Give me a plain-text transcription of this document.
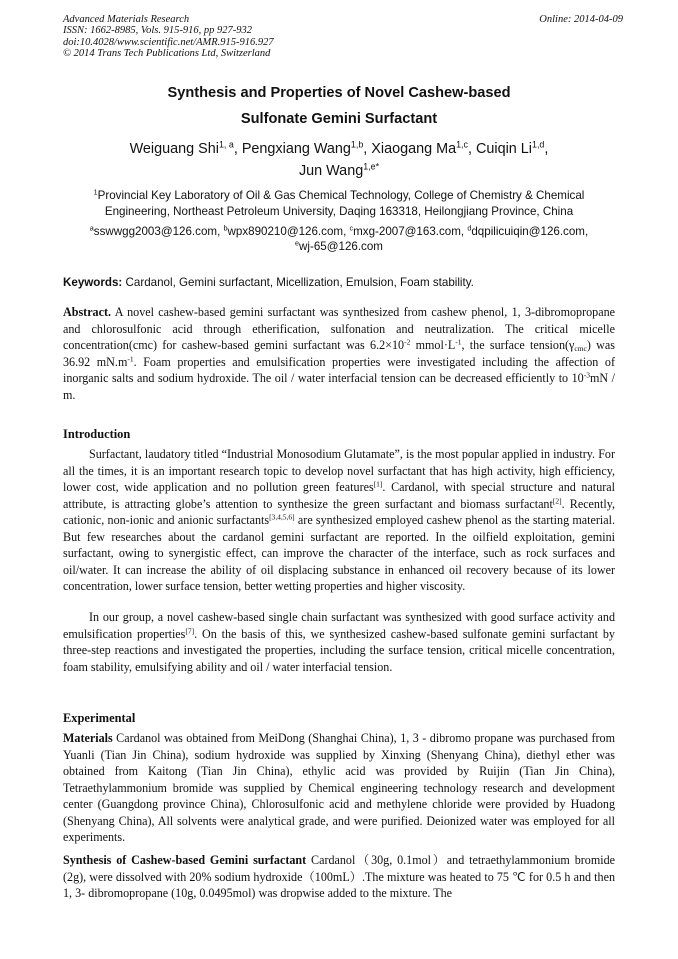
Advanced Materials Research
ISSN: 1662-8985, Vols. 915-916, pp 927-932
doi:10.4028/www.scientific.net/AMR.915-916.927
© 2014 Trans Tech Publications Ltd, Switzerland
Online: 2014-04-09
Synthesis and Properties of Novel Cashew-based
Sulfonate Gemini Surfactant
Weiguang Shi$^{1, a}$, Pengxiang Wang$^{1,b}$, Xiaogang Ma$^{1,c}$, Cuiqin Li$^{1,d}$,
Jun Wang$^{1,e*}$
$^1$Provincial Key Laboratory of Oil & Gas Chemical Technology, College of Chemistry & Chemical
Engineering, Northeast Petroleum University, Daqing 163318, Heilongjiang Province, China
$^a$sswwgg2003@126.com, $^b$wpx890210@126.com, $^c$mxg-2007@163.com, $^d$dqpilicuiqin@126.com,
$^e$wj-65@126.com
Keywords: Cardanol, Gemini surfactant, Micellization, Emulsion, Foam stability.
Abstract. A novel cashew-based gemini surfactant was synthesized from cashew phenol, 1, 3-dibromopropane and chlorosulfonic acid through etherification, sulfonation and neutralization. The critical micelle concentration(cmc) for cashew-based gemini surfactant was $6.2\times 10^{-2}$ $mmol\cdot L^{-1}$, the surface $tension(\gamma_{cmc})$ was 36.92 $mN.m^{-1}$. Foam properties and emulsification properties were investigated including the affection of inorganic salts and sodium hydroxide. The oil / water interfacial tension can be decreased efficiently to $10^{-3}mN$ / m.
Introduction
Surfactant, laudatory titled “Industrial Monosodium Glutamate”, is the most popular applied in industry. For all the times, it is an important research topic to develop novel surfactant that has high activity, high efficiency, lower cost, wide application and no pollution green features[1]. Cardanol, with special structure and natural attribute, is attracting globe’s attention to synthesize the green surfactant and biomass surfactant[2]. Recently, cationic, non-ionic and anionic surfactants[3,4,5,6] are synthesized employed cashew phenol as the starting material. But few researches about the cardanol gemini surfactant are reported. In the oilfield exploitation, gemini surfactant, owing to synergistic effect, can improve the character of the interface, such as rock surfaces and oil/water. It can increase the ability of oil displacing substance in enhanced oil recovery because of its lower concentration, lower surface tension, better wetting properties and higher viscosity.
In our group, a novel cashew-based single chain surfactant was synthesized with good surface activity and emulsification properties[7]. On the basis of this, we synthesized cashew-based sulfonate gemini surfactant by three-step reactions and investigated the properties, including the surface tension, critical micelle concentration, foam stability, emulsifying ability and oil / water interfacial tension.
Experimental
Materials Cardanol was obtained from MeiDong (Shanghai China), 1, 3 - dibromo propane was purchased from Yuanli (Tian Jin China), sodium hydroxide was supplied by Xinxing (Shenyang China), diethyl ether was obtained from Kaitong (Tian Jin China), ethylic acid was provided by Ruijin (Tian Jin China), Tetraethylammonium bromide was supplied by Chemical engineering technology research and development center (Guangdong province China), Chlorosulfonic acid and methylene chloride were provided by Huadong (Shenyang China), All solvents were analytical grade, and were purified. Deionized water was employed for all experiments.
Synthesis of Cashew-based Gemini surfactant Cardanol（30g, 0.1mol）and tetraethylammonium bromide (2g), were dissolved with 20% sodium hydroxide（100mL）.The mixture was heated to 75 ℃ for 0.5 h and then 1, 3- dibromopropane (10g, 0.0495mol) was dropwise added to the mixture. The
